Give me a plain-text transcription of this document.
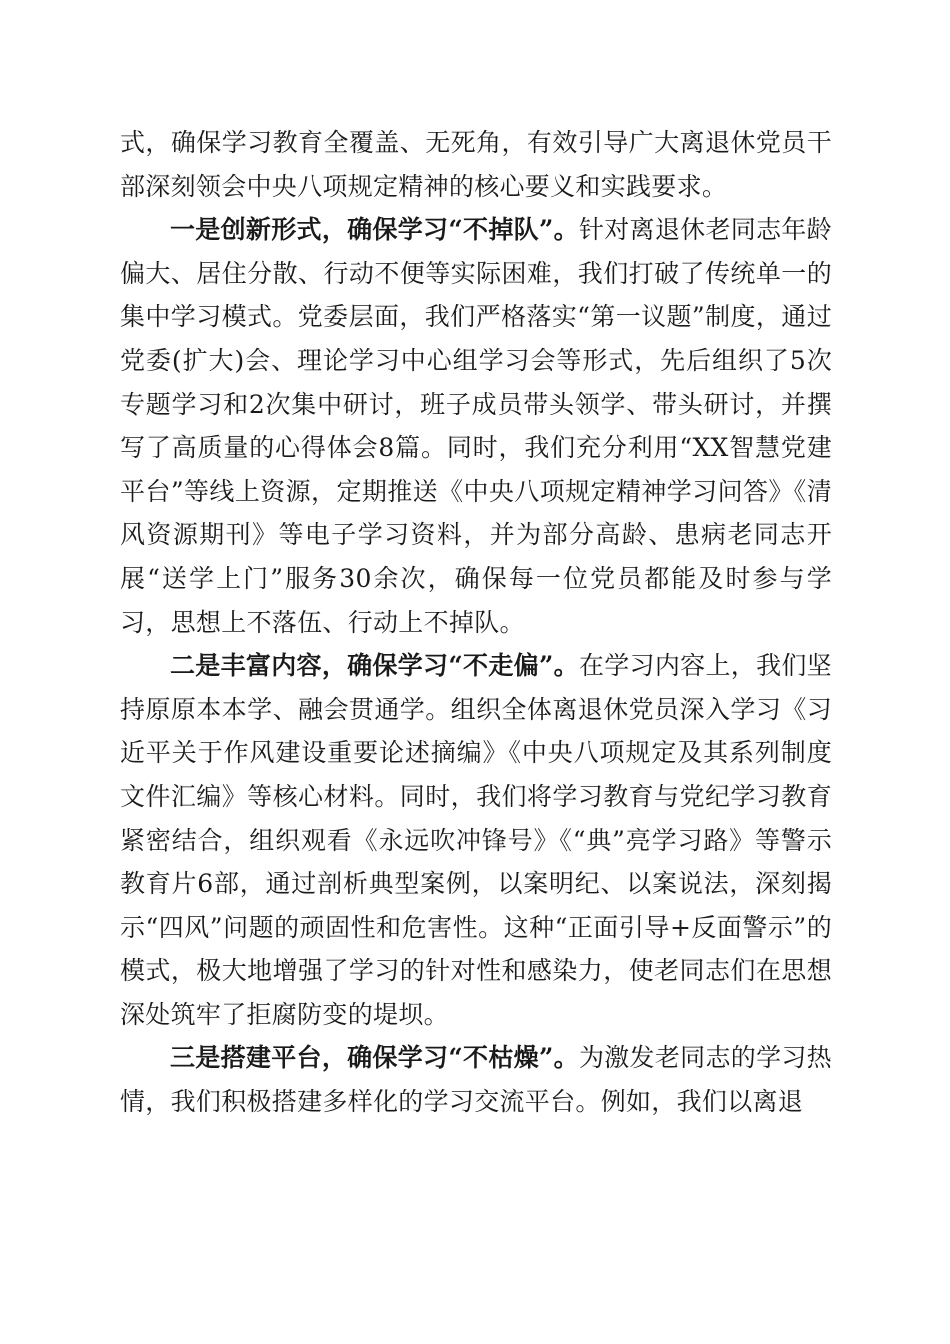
式，确保学习教育全覆盖、无死角，有效引导广大离退休党员干部深刻领会中央八项规定精神的核心要义和实践要求。

一是创新形式，确保学习“不掉队”。针对离退休老同志年龄偏大、居住分散、行动不便等实际困难，我们打破了传统单一的集中学习模式。党委层面，我们严格落实“第一议题”制度，通过党委(扩大)会、理论学习中心组学习会等形式，先后组织了5次专题学习和2次集中研讨，班子成员带头领学、带头研讨，并撰写了高质量的心得体会8篇。同时，我们充分利用“XX智慧党建平台”等线上资源，定期推送《中央八项规定精神学习问答》《清风资源期刊》等电子学习资料，并为部分高龄、患病老同志开展“送学上门”服务30余次，确保每一位党员都能及时参与学习，思想上不落伍、行动上不掉队。

二是丰富内容，确保学习“不走偏”。在学习内容上，我们坚持原原本本学、融会贯通学。组织全体离退休党员深入学习《习近平关于作风建设重要论述摘编》《中央八项规定及其系列制度文件汇编》等核心材料。同时，我们将学习教育与党纪学习教育紧密结合，组织观看《永远吹冲锋号》《“典”亮学习路》等警示教育片6部，通过剖析典型案例，以案明纪、以案说法，深刻揭示“四风”问题的顽固性和危害性。这种“正面引导+反面警示”的模式，极大地增强了学习的针对性和感染力，使老同志们在思想深处筑牢了拒腐防变的堤坝。

三是搭建平台，确保学习“不枯燥”。为激发老同志的学习热情，我们积极搭建多样化的学习交流平台。例如，我们以离退
